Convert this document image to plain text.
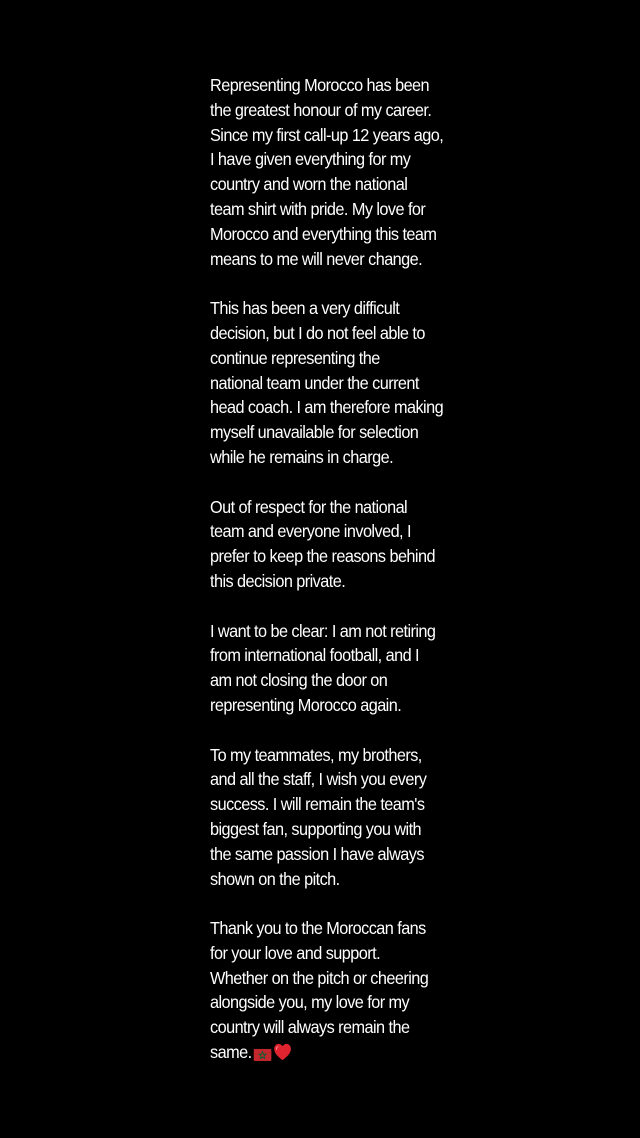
Representing Morocco has been
the greatest honour of my career.
Since my first call-up 12 years ago,
I have given everything for my
country and worn the national
team shirt with pride. My love for
Morocco and everything this team
means to me will never change.

This has been a very difficult
decision, but I do not feel able to
continue representing the
national team under the current
head coach. I am therefore making
myself unavailable for selection
while he remains in charge.

Out of respect for the national
team and everyone involved, I
prefer to keep the reasons behind
this decision private.

I want to be clear: I am not retiring
from international football, and I
am not closing the door on
representing Morocco again.

To my teammates, my brothers,
and all the staff, I wish you every
success. I will remain the team's
biggest fan, supporting you with
the same passion I have always
shown on the pitch.

Thank you to the Moroccan fans
for your love and support.
Whether on the pitch or cheering
alongside you, my love for my
country will always remain the
same.
